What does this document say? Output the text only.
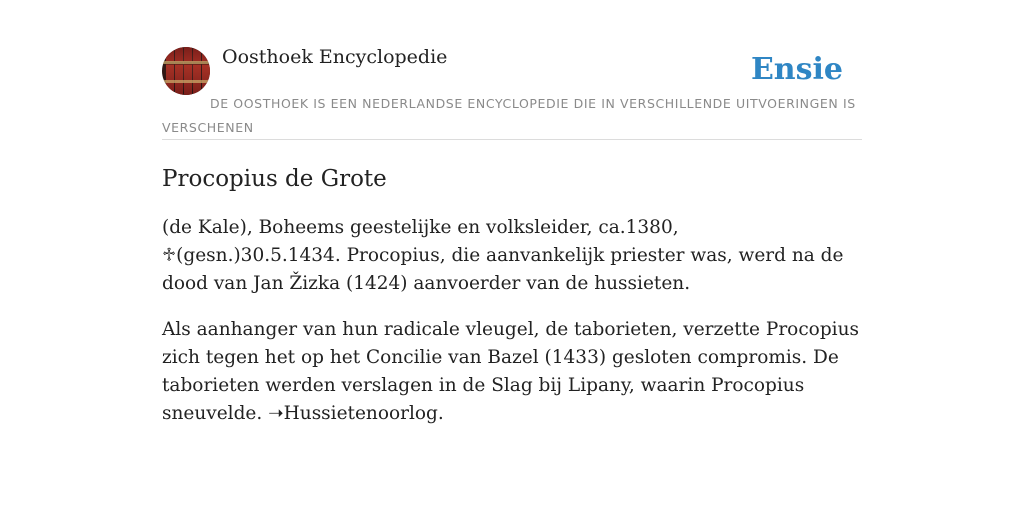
Oosthoek Encyclopedie	Ensie
DE OOSTHOEK IS EEN NEDERLANDSE ENCYCLOPEDIE DIE IN VERSCHILLENDE UITVOERINGEN IS VERSCHENEN
Procopius de Grote

(de Kale), Boheems geestelijke en volksleider, ca.1380, ♱(gesn.)30.5.1434. Procopius, die aanvankelijk priester was, werd na de dood van Jan Žizka (1424) aanvoerder van de hussieten.

Als aanhanger van hun radicale vleugel, de taborieten, verzette Procopius zich tegen het op het Concilie van Bazel (1433) gesloten compromis. De taborieten werden verslagen in de Slag bij Lipany, waarin Procopius sneuvelde. ➝Hussietenoorlog.
